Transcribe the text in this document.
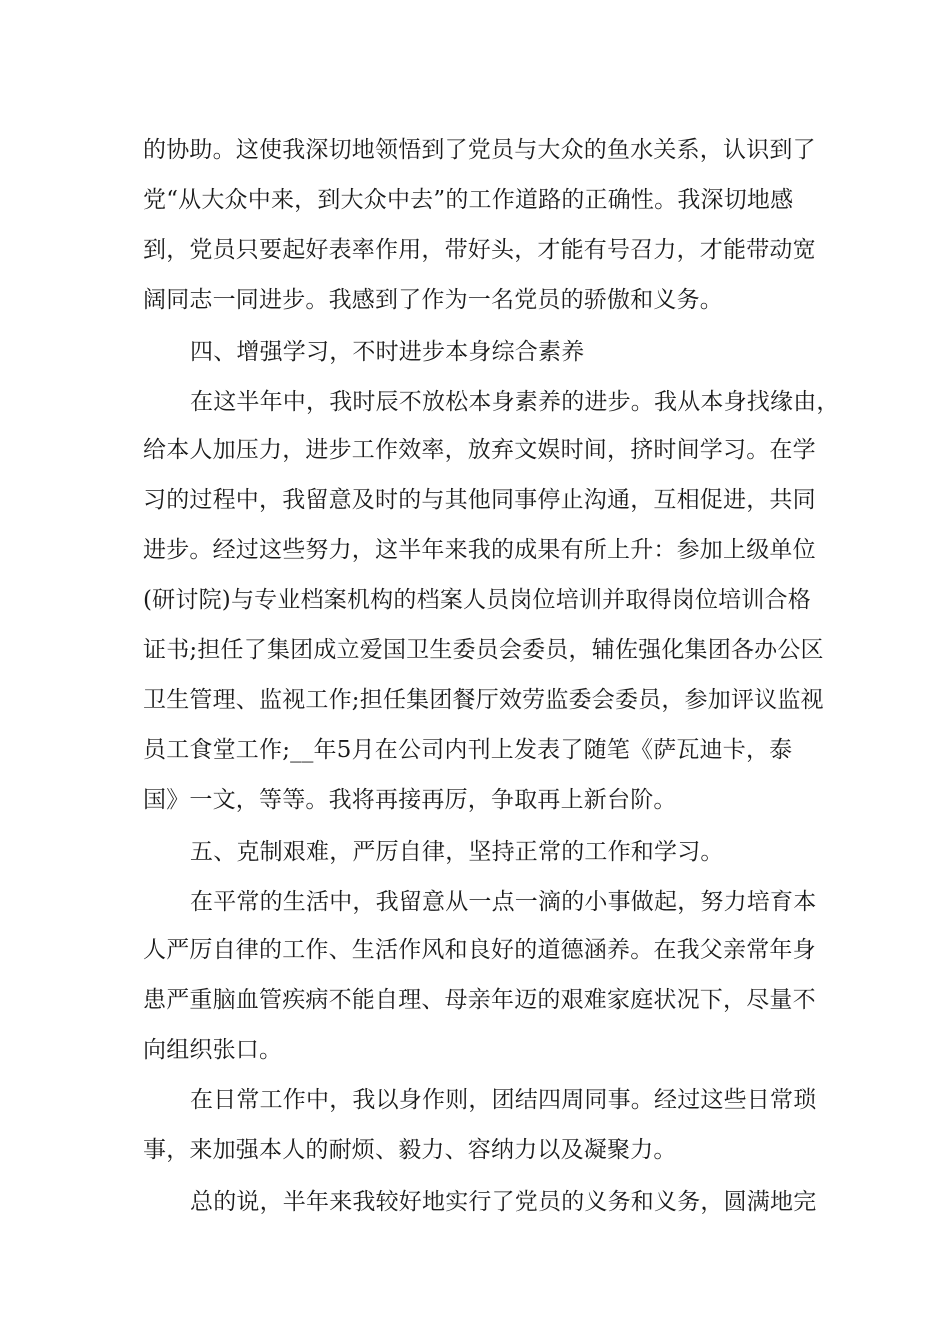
的协助。这使我深切地领悟到了党员与大众的鱼水关系，认识到了
党“从大众中来，到大众中去”的工作道路的正确性。我深切地感
到，党员只要起好表率作用，带好头，才能有号召力，才能带动宽
阔同志一同进步。我感到了作为一名党员的骄傲和义务。
四、增强学习，不时进步本身综合素养
在这半年中，我时辰不放松本身素养的进步。我从本身找缘由，
给本人加压力，进步工作效率，放弃文娱时间，挤时间学习。在学
习的过程中，我留意及时的与其他同事停止沟通，互相促进，共同
进步。经过这些努力，这半年来我的成果有所上升：参加上级单位
(研讨院)与专业档案机构的档案人员岗位培训并取得岗位培训合格
证书;担任了集团成立爱国卫生委员会委员，辅佐强化集团各办公区
卫生管理、监视工作;担任集团餐厅效劳监委会委员，参加评议监视
员工食堂工作;__年5月在公司内刊上发表了随笔《萨瓦迪卡，泰
国》一文，等等。我将再接再厉，争取再上新台阶。
五、克制艰难，严厉自律，坚持正常的工作和学习。
在平常的生活中，我留意从一点一滴的小事做起，努力培育本
人严厉自律的工作、生活作风和良好的道德涵养。在我父亲常年身
患严重脑血管疾病不能自理、母亲年迈的艰难家庭状况下，尽量不
向组织张口。
在日常工作中，我以身作则，团结四周同事。经过这些日常琐
事，来加强本人的耐烦、毅力、容纳力以及凝聚力。
总的说，半年来我较好地实行了党员的义务和义务，圆满地完
